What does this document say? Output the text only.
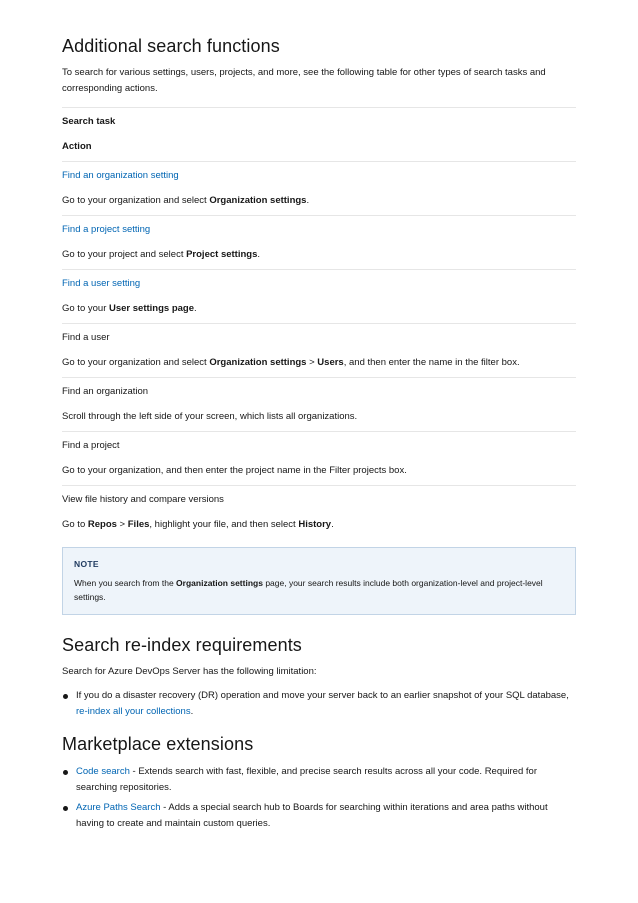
Additional search functions

To search for various settings, users, projects, and more, see the following table for other types of search tasks and corresponding actions.

Search task

Action

Find an organization setting

Go to your organization and select Organization settings.

Find a project setting

Go to your project and select Project settings.

Find a user setting

Go to your User settings page.

Find a user

Go to your organization and select Organization settings > Users, and then enter the name in the filter box.

Find an organization

Scroll through the left side of your screen, which lists all organizations.

Find a project

Go to your organization, and then enter the project name in the Filter projects box.

View file history and compare versions

Go to Repos > Files, highlight your file, and then select History.

NOTE

When you search from the Organization settings page, your search results include both organization-level and project-level settings.

Search re-index requirements

Search for Azure DevOps Server has the following limitation:

If you do a disaster recovery (DR) operation and move your server back to an earlier snapshot of your SQL database, re-index all your collections.
Marketplace extensions
Code search - Extends search with fast, flexible, and precise search results across all your code. Required for searching repositories.
Azure Paths Search - Adds a special search hub to Boards for searching within iterations and area paths without having to create and maintain custom queries.
